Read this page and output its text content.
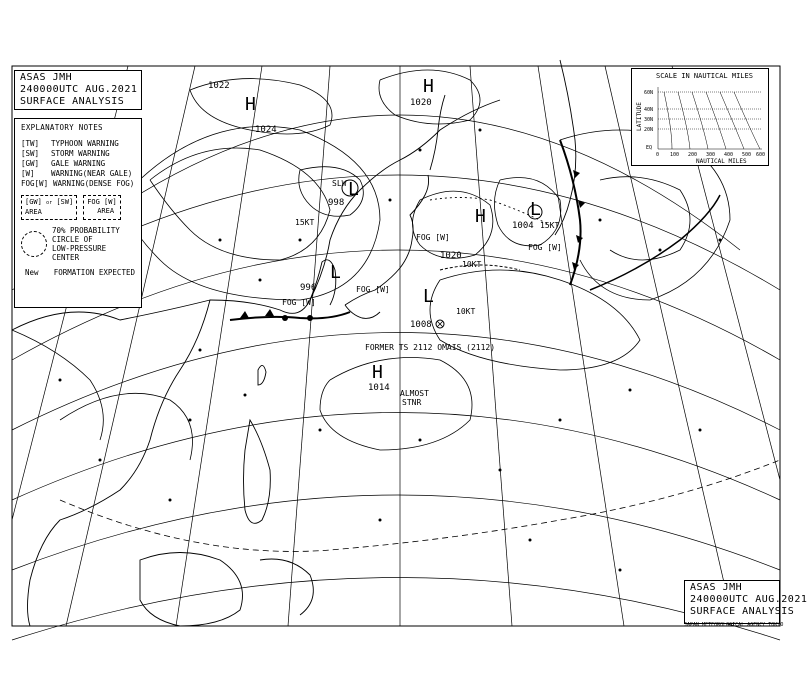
L
L
L
H
H
H
H
L
998
996
1008
1014
1020
1022
1024
1004
1020
FORMER TS 2112 OMAIS (2112)
ALMOST
STNR
FOG [W]
FOG [W]
FOG [W]
FOG [W]
SLW
15KT
10KT
15KT
10KT
ASAS JMH
240000UTC AUG.2021
SURFACE ANALYSIS
EXPLANATORY NOTES
[TW]	TYPHOON WARNING
[SW]	STORM WARNING
[GW]	GALE WARNING
[W]	WARNING(NEAR GALE)
FOG[W] WARNING(DENSE FOG)
[GW] or [SW]
AREA
FOG [W]
AREA
70% PROBABILITY
CIRCLE OF
LOW-PRESSURE CENTER
New	FORMATION EXPECTED
SCALE IN NAUTICAL MILES
LATITUDE
60N
40N
30N
20N
EQ
0 100 200 300 400 500 600
NAUTICAL MILES
ASAS JMH
240000UTC AUG.2021
SURFACE ANALYSIS
JAPAN METEOROLOGICAL AGENCY TOKYO
